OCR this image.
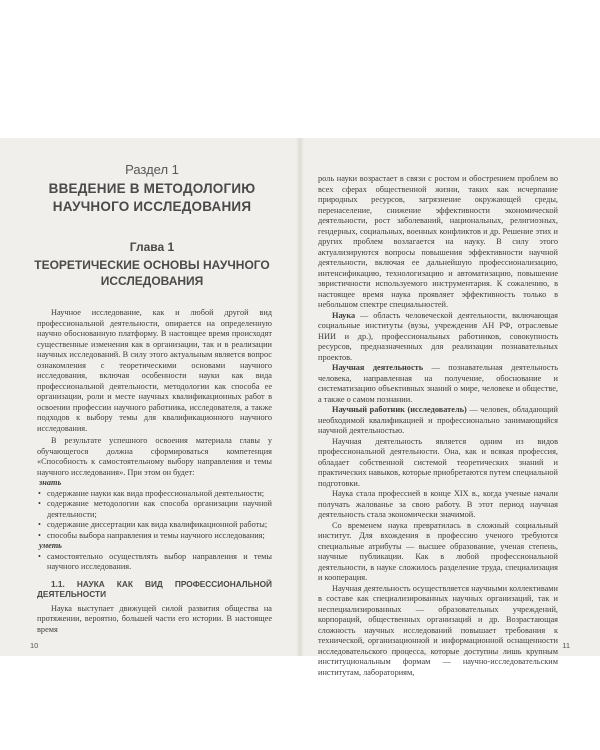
Раздел 1
ВВЕДЕНИЕ В МЕТОДОЛОГИЮ НАУЧНОГО ИССЛЕДОВАНИЯ
Глава 1
ТЕОРЕТИЧЕСКИЕ ОСНОВЫ НАУЧНОГО ИССЛЕДОВАНИЯ

Научное исследование, как и любой другой вид профессиональной деятельности, опирается на определенную научно обоснованную платформу. В настоящее время происходят существенные изменения как в организации, так и в реализации научных исследований. В силу этого актуальным является вопрос ознакомления с теоретическими основами научного исследования, включая особенности науки как вида профессиональной деятельности, методологии как способа ее организации, роли и месте научных квалификационных работ в освоении профессии научного работника, исследователя, а также подходов к выбору темы для квалификационного научного исследования.

В результате успешного освоения материала главы у обучающегося должна сформироваться компетенция «Способность к самостоятельному выбору направления и темы научного исследования». При этом он будет:

знать
• содержание науки как вида профессиональной деятельности;
• содержание методологии как способа организации научной деятельности;
• содержание диссертации как вида квалификационной работы;
• способы выбора направления и темы научного исследования;
уметь
• самостоятельно осуществлять выбор направления и темы научного исследования.
1.1. НАУКА КАК ВИД ПРОФЕССИОНАЛЬНОЙ ДЕЯТЕЛЬНОСТИ

Наука выступает движущей силой развития общества на протяжении, вероятно, большей части его истории. В настоящее время

10

роль науки возрастает в связи с ростом и обострением проблем во всех сферах общественной жизни, таких как исчерпание природных ресурсов, загрязнение окружающей среды, перенаселение, снижение эффективности экономической деятельности, рост заболеваний, национальных, религиозных, гендерных, социальных, военных конфликтов и др. Решение этих и других проблем возлагается на науку. В силу этого актуализируются вопросы повышения эффективности научной деятельности, включая ее дальнейшую профессионализацию, интенсификацию, технологизацию и автоматизацию, повышение эвристичности используемого инструментария. К сожалению, в настоящее время наука проявляет эффективность только в небольшом спектре специальностей.

Наука — область человеческой деятельности, включающая социальные институты (вузы, учреждения АН РФ, отраслевые НИИ и др.), профессиональных работников, совокупность ресурсов, предназначенных для реализации познавательных проектов.

Научная деятельность — познавательная деятельность человека, направленная на получение, обоснование и систематизацию объективных знаний о мире, человеке и обществе, а также о самом познании.

Научный работник (исследователь) — человек, обладающий необходимой квалификацией и профессионально занимающийся научной деятельностью.

Научная деятельность является одним из видов профессиональной деятельности. Она, как и всякая профессия, обладает собственной системой теоретических знаний и практических навыков, которые приобретаются путем специальной подготовки.

Наука стала профессией в конце XIX в., когда ученые начали получать жалованье за свою работу. В этот период научная деятельность стала экономически значимой.

Со временем наука превратилась в сложный социальный институт. Для вхождения в профессию ученого требуются специальные атрибуты — высшее образование, ученая степень, научные публикации. Как в любой профессиональной деятельности, в науке сложилось разделение труда, специализация и кооперация.

Научная деятельность осуществляется научными коллективами в составе как специализированных научных организаций, так и неспециализированных — образовательных учреждений, корпораций, общественных организаций и др. Возрастающая сложность научных исследований повышает требования к технической, организационной и информационной оснащенности исследовательского процесса, которые доступны лишь крупным институциональным формам — научно-исследовательским институтам, лабораториям,

11
